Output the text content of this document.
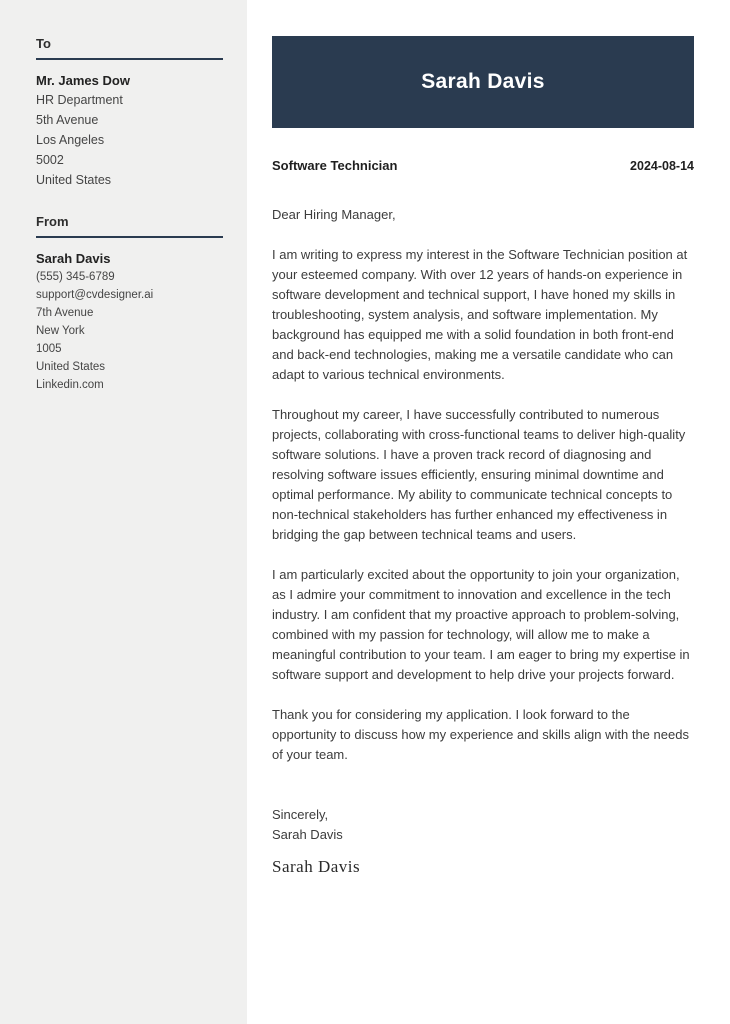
To
Mr. James Dow
HR Department
5th Avenue
Los Angeles
5002
United States
From
Sarah Davis
(555) 345-6789
support@cvdesigner.ai
7th Avenue
New York
1005
United States
Linkedin.com
Sarah Davis
Software Technician	2024-08-14
Dear Hiring Manager,

I am writing to express my interest in the Software Technician position at your esteemed company. With over 12 years of hands-on experience in software development and technical support, I have honed my skills in troubleshooting, system analysis, and software implementation. My background has equipped me with a solid foundation in both front-end and back-end technologies, making me a versatile candidate who can adapt to various technical environments.

Throughout my career, I have successfully contributed to numerous projects, collaborating with cross-functional teams to deliver high-quality software solutions. I have a proven track record of diagnosing and resolving software issues efficiently, ensuring minimal downtime and optimal performance. My ability to communicate technical concepts to non-technical stakeholders has further enhanced my effectiveness in bridging the gap between technical teams and users.

I am particularly excited about the opportunity to join your organization, as I admire your commitment to innovation and excellence in the tech industry. I am confident that my proactive approach to problem-solving, combined with my passion for technology, will allow me to make a meaningful contribution to your team. I am eager to bring my expertise in software support and development to help drive your projects forward.

Thank you for considering my application. I look forward to the opportunity to discuss how my experience and skills align with the needs of your team.

Sincerely,
Sarah Davis
Sarah Davis
